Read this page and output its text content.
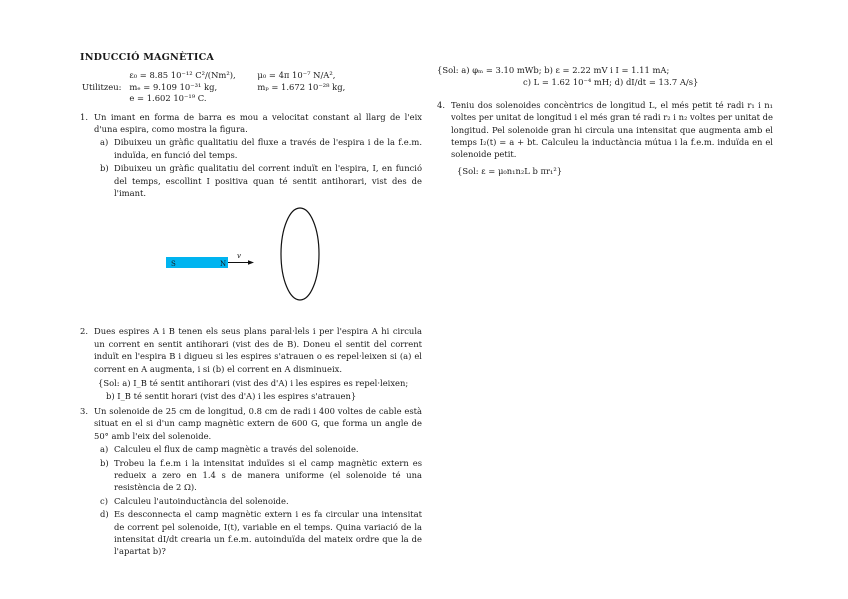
INDUCCIÓ MAGNÈTICA
Utilitzeu:
ε₀ = 8.85 10⁻¹² C²/(Nm²),	μ₀ = 4π 10⁻⁷ N/A²,
mₑ = 9.109 10⁻³¹ kg,	mₚ = 1.672 10⁻²⁸ kg,
e = 1.602 10⁻¹⁹ C.
1. Un imant en forma de barra es mou a velocitat constant al llarg de l'eix d'una espira, como mostra la figura.
a) Dibuixeu un gràfic qualitatiu del fluxe a través de l'espira i de la f.e.m. induïda, en funció del temps.
b) Dibuixeu un gràfic qualitatiu del corrent induït en l'espira, I, en funció del temps, escollint I positiva quan té sentit antihorari, vist des de l'imant.
S	N
v
2. Dues espires A i B tenen els seus plans paral·lels i per l'espira A hi circula un corrent en sentit antihorari (vist des de B). Doneu el sentit del corrent induït en l'espira B i digueu si les espires s'atrauen o es repel·leixen si (a) el corrent en A augmenta, i si (b) el corrent en A disminueix.
{Sol: a) I_B té sentit antihorari (vist des d'A) i les espires es repel·leixen;
b) I_B té sentit horari (vist des d'A) i les espires s'atrauen}
3. Un solenoide de 25 cm de longitud, 0.8 cm de radi i 400 voltes de cable està situat en el si d'un camp magnètic extern de 600 G, que forma un angle de 50° amb l'eix del solenoide.
a) Calculeu el flux de camp magnètic a través del solenoide.
b) Trobeu la f.e.m i la intensitat induïdes si el camp magnètic extern es redueix a zero en 1.4 s de manera uniforme (el solenoide té una resistència de 2 Ω).
c) Calculeu l'autoinductància del solenoide.
d) Es desconnecta el camp magnètic extern i es fa circular una intensitat de corrent pel solenoide, I(t), variable en el temps. Quina variació de la intensitat dI/dt crearia un f.e.m. autoinduïda del mateix ordre que la de l'apartat b)?
{Sol: a) φₘ = 3.10 mWb; b) ε = 2.22 mV i I = 1.11 mA;
c) L = 1.62 10⁻⁴ mH; d) dI/dt = 13.7 A/s}
4. Teniu dos solenoides concèntrics de longitud L, el més petit té radi r₁ i n₁ voltes per unitat de longitud i el més gran té radi r₂ i n₂ voltes per unitat de longitud. Pel solenoide gran hi circula una intensitat que augmenta amb el temps I₂(t) = a + bt. Calculeu la inductància mútua i la f.e.m. induïda en el solenoide petit.
{Sol: ε = μ₀n₁n₂L b πr₁²}
